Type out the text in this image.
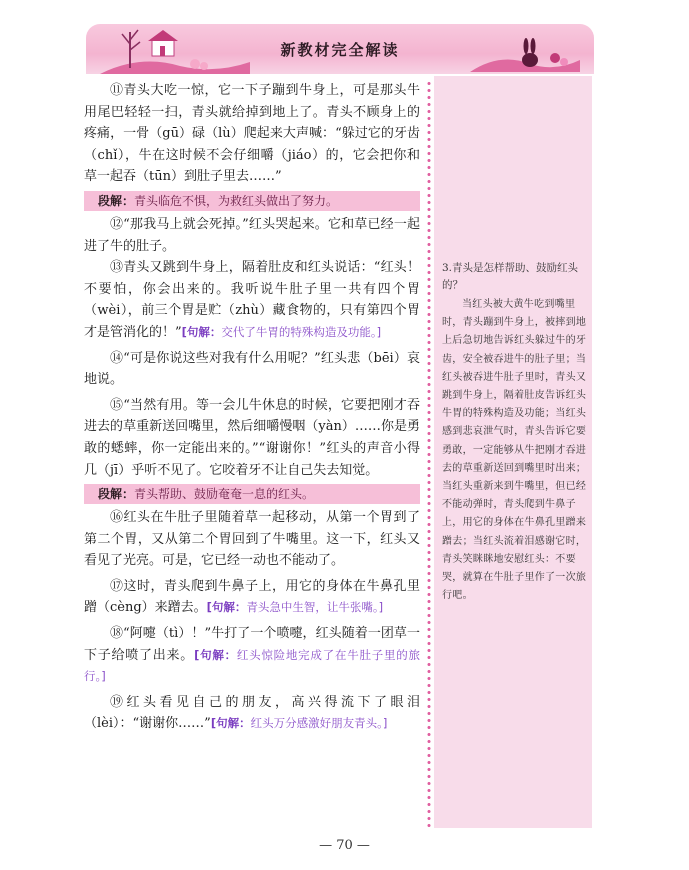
新教材完全解读

⑪青头大吃一惊，它一下子蹦到牛身上，可是那头牛用尾巴轻轻一扫，青头就给掉到地上了。青头不顾身上的疼痛，一骨（gū）碌（lù）爬起来大声喊：“躲过它的牙齿（chǐ），牛在这时候不会仔细嚼（jiáo）的，它会把你和草一起吞（tūn）到肚子里去……”

段解：青头临危不惧，为救红头做出了努力。

⑫“那我马上就会死掉。”红头哭起来。它和草已经一起进了牛的肚子。

⑬青头又跳到牛身上，隔着肚皮和红头说话：“红头！不要怕，你会出来的。我听说牛肚子里一共有四个胃（wèi），前三个胃是贮（zhù）藏食物的，只有第四个胃才是管消化的！”[句解：交代了牛胃的特殊构造及功能。]

⑭“可是你说这些对我有什么用呢？”红头悲（bēi）哀地说。

⑮“当然有用。等一会儿牛休息的时候，它要把刚才吞进去的草重新送回嘴里，然后细嚼慢咽（yàn）……你是勇敢的蟋蟀，你一定能出来的。”“谢谢你！”红头的声音小得几（jī）乎听不见了。它咬着牙不让自己失去知觉。

段解：青头帮助、鼓励奄奄一息的红头。

⑯红头在牛肚子里随着草一起移动，从第一个胃到了第二个胃，又从第二个胃回到了牛嘴里。这一下，红头又看见了光亮。可是，它已经一动也不能动了。

⑰这时，青头爬到牛鼻子上，用它的身体在牛鼻孔里蹭（cèng）来蹭去。[句解：青头急中生智，让牛张嘴。]

⑱“阿嚏（tì）！”牛打了一个喷嚏，红头随着一团草一下子给喷了出来。[句解：红头惊险地完成了在牛肚子里的旅行。]

⑲红头看见自己的朋友，高兴得流下了眼泪（lèi）：“谢谢你……”[句解：红头万分感激好朋友青头。]

3.青头是怎样帮助、鼓励红头的？
当红头被大黄牛吃到嘴里时，青头蹦到牛身上，被摔到地上后急切地告诉红头躲过牛的牙齿，安全被吞进牛的肚子里；当红头被吞进牛肚子里时，青头又跳到牛身上，隔着肚皮告诉红头牛胃的特殊构造及功能；当红头感到悲哀泄气时，青头告诉它要勇敢，一定能够从牛把刚才吞进去的草重新送回到嘴里时出来；当红头重新来到牛嘴里，但已经不能动弹时，青头爬到牛鼻子上，用它的身体在牛鼻孔里蹭来蹭去；当红头流着泪感谢它时，青头笑眯眯地安慰红头：不要哭，就算在牛肚子里作了一次旅行吧。
— 70 —
